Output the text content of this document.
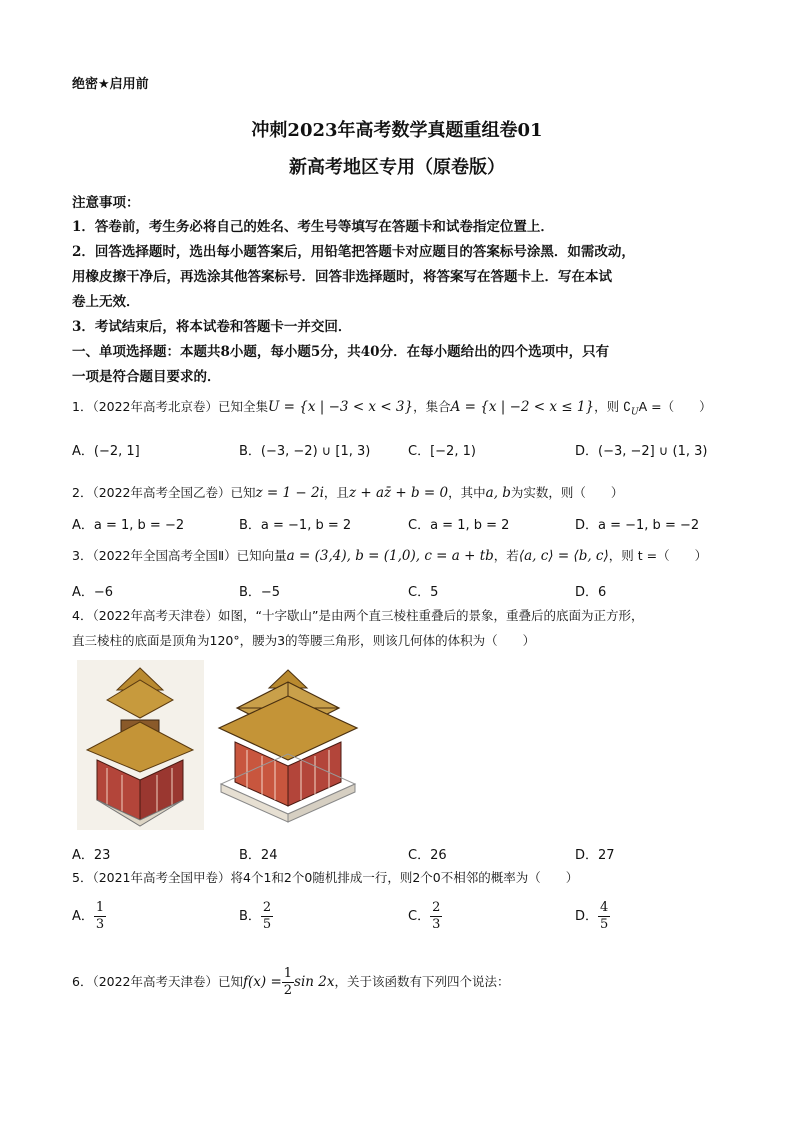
绝密★启用前
冲刺2023年高考数学真题重组卷01
新高考地区专用（原卷版）
注意事项：
1．答卷前，考生务必将自己的姓名、考生号等填写在答题卡和试卷指定位置上．
2．回答选择题时，选出每小题答案后，用铅笔把答题卡对应题目的答案标号涂黑．如需改动，
用橡皮擦干净后，再选涂其他答案标号．回答非选择题时，将答案写在答题卡上．写在本试
卷上无效．
3．考试结束后，将本试卷和答题卡一并交回．
一、单项选择题：本题共8小题，每小题5分，共40分．在每小题给出的四个选项中，只有
一项是符合题目要求的．
1．（2022年高考北京卷）已知全集U = {x | −3 < x < 3}，集合A = {x | −2 < x ≤ 1}，则 $∁_UA$ =（　　）
A．(−2, 1]	B．(−3, −2) ∪ [1, 3)	C．[−2, 1)	D．(−3, −2] ∪ (1, 3)
2．（2022年高考全国乙卷）已知z = 1 − 2i，且z + az̄ + b = 0，其中a, b为实数，则（　　）
A．a = 1, b = −2	B．a = −1, b = 2	C．a = 1, b = 2	D．a = −1, b = −2
3．（2022年全国高考全国Ⅱ）已知向量a = (3,4), b = (1,0), c = a + tb，若⟨a, c⟩ = ⟨b, c⟩，则 t =（　　）
A．−6	B．−5	C．5	D．6
4．（2022年高考天津卷）如图，“十字歇山”是由两个直三棱柱重叠后的景象，重叠后的底面为正方形，
直三棱柱的底面是顶角为120°，腰为3的等腰三角形，则该几何体的体积为（　　）
A．23	B．24	C．26	D．27
5．（2021年高考全国甲卷）将4个1和2个0随机排成一行，则2个0不相邻的概率为（　　）
A． $\frac{1}{3}$	B． $\frac{2}{5}$	C． $\frac{2}{3}$	D． $\frac{4}{5}$
6．（2022年高考天津卷）已知$f(x) = \frac{1}{2}$ sin 2x，关于该函数有下列四个说法：
